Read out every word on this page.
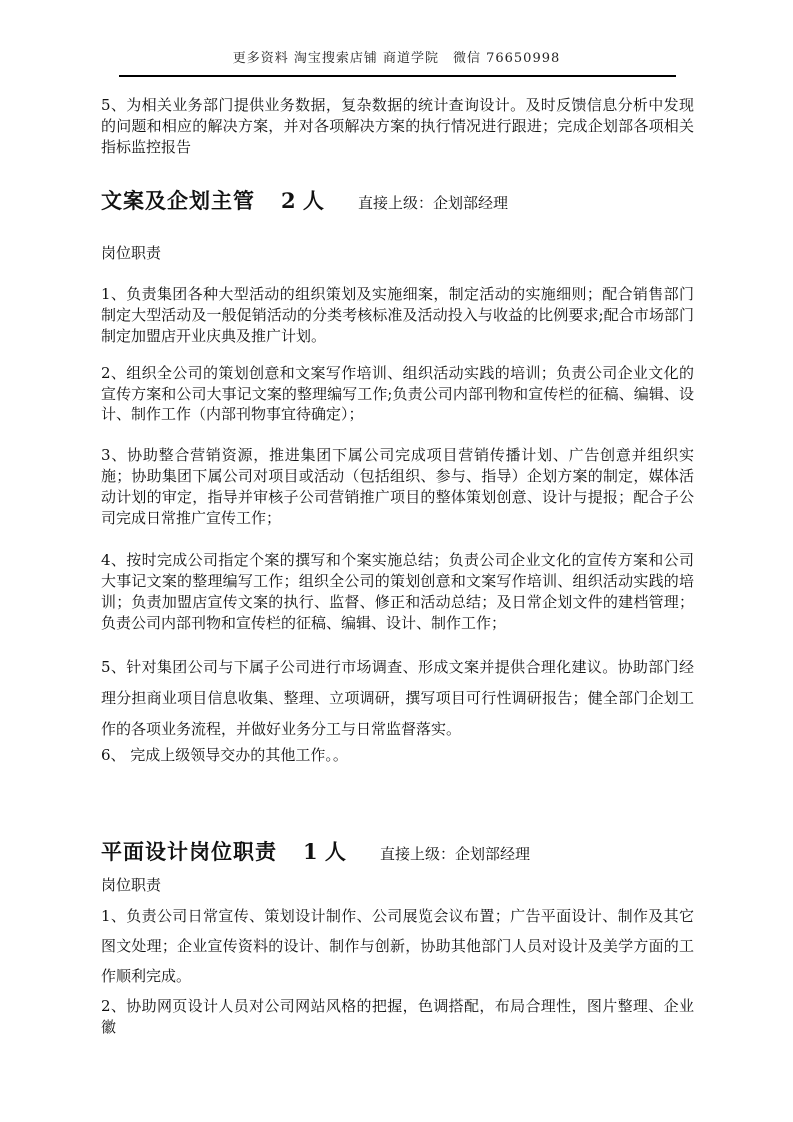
更多资料 淘宝搜索店铺 商道学院　微信 76650998

5、为相关业务部门提供业务数据，复杂数据的统计查询设计。及时反馈信息分析中发现的问题和相应的解决方案，并对各项解决方案的执行情况进行跟进；完成企划部各项相关指标监控报告

文案及企划主管 2 人 直接上级：企划部经理

岗位职责

1、负责集团各种大型活动的组织策划及实施细案，制定活动的实施细则；配合销售部门制定大型活动及一般促销活动的分类考核标准及活动投入与收益的比例要求;配合市场部门制定加盟店开业庆典及推广计划。

2、组织全公司的策划创意和文案写作培训、组织活动实践的培训；负责公司企业文化的宣传方案和公司大事记文案的整理编写工作;负责公司内部刊物和宣传栏的征稿、编辑、设计、制作工作（内部刊物事宜待确定）；

3、协助整合营销资源，推进集团下属公司完成项目营销传播计划、广告创意并组织实施；协助集团下属公司对项目或活动（包括组织、参与、指导）企划方案的制定，媒体活动计划的审定，指导并审核子公司营销推广项目的整体策划创意、设计与提报；配合子公司完成日常推广宣传工作；

4、按时完成公司指定个案的撰写和个案实施总结；负责公司企业文化的宣传方案和公司大事记文案的整理编写工作；组织全公司的策划创意和文案写作培训、组织活动实践的培训；负责加盟店宣传文案的执行、监督、修正和活动总结；及日常企划文件的建档管理；负责公司内部刊物和宣传栏的征稿、编辑、设计、制作工作；

5、针对集团公司与下属子公司进行市场调查、形成文案并提供合理化建议。协助部门经理分担商业项目信息收集、整理、立项调研，撰写项目可行性调研报告；健全部门企划工作的各项业务流程，并做好业务分工与日常监督落实。

6、 完成上级领导交办的其他工作。。

平面设计岗位职责 1 人 直接上级：企划部经理

岗位职责

1、负责公司日常宣传、策划设计制作、公司展览会议布置；广告平面设计、制作及其它图文处理；企业宣传资料的设计、制作与创新，协助其他部门人员对设计及美学方面的工作顺利完成。

2、协助网页设计人员对公司网站风格的把握，色调搭配，布局合理性，图片整理、企业徽
